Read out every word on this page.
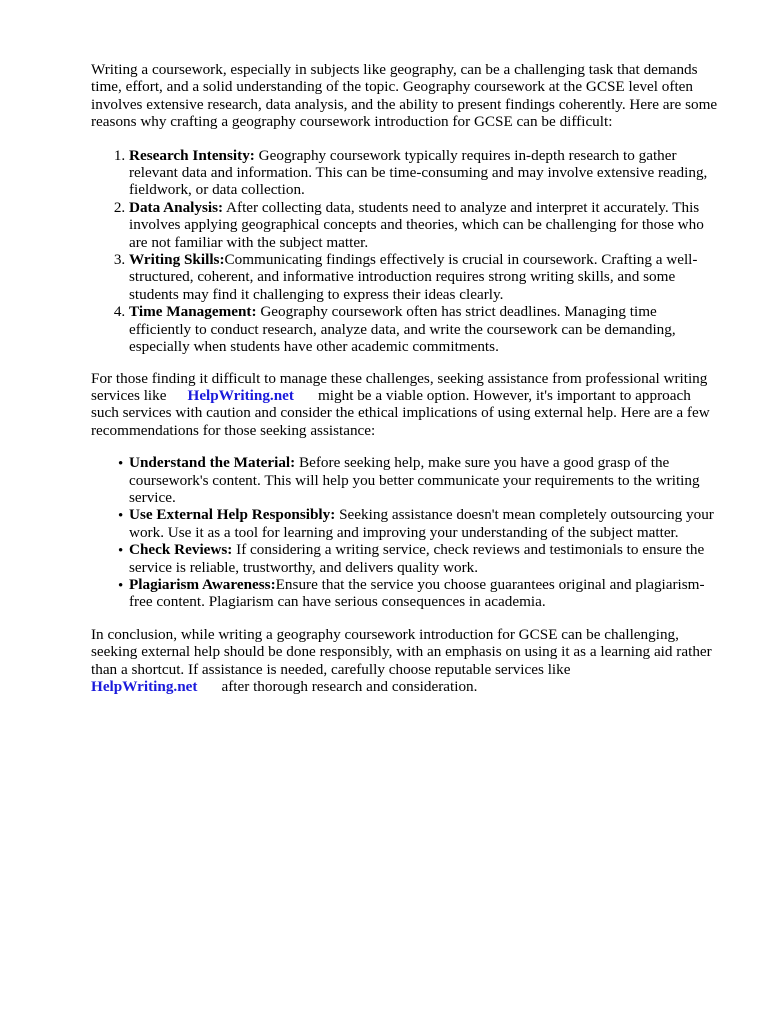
Writing a coursework, especially in subjects like geography, can be a challenging task that demands time, effort, and a solid understanding of the topic. Geography coursework at the GCSE level often involves extensive research, data analysis, and the ability to present findings coherently. Here are some reasons why crafting a geography coursework introduction for GCSE can be difficult:

1. Research Intensity: Geography coursework typically requires in-depth research to gather relevant data and information. This can be time-consuming and may involve extensive reading, fieldwork, or data collection.
2. Data Analysis: After collecting data, students need to analyze and interpret it accurately. This involves applying geographical concepts and theories, which can be challenging for those who are not familiar with the subject matter.
3. Writing Skills:Communicating findings effectively is crucial in coursework. Crafting a well-structured, coherent, and informative introduction requires strong writing skills, and some students may find it challenging to express their ideas clearly.
4. Time Management: Geography coursework often has strict deadlines. Managing time efficiently to conduct research, analyze data, and write the coursework can be demanding, especially when students have other academic commitments.

For those finding it difficult to manage these challenges, seeking assistance from professional writing services like HelpWriting.net might be a viable option. However, it's important to approach such services with caution and consider the ethical implications of using external help. Here are a few recommendations for those seeking assistance:

• Understand the Material: Before seeking help, make sure you have a good grasp of the coursework's content. This will help you better communicate your requirements to the writing service.
• Use External Help Responsibly: Seeking assistance doesn't mean completely outsourcing your work. Use it as a tool for learning and improving your understanding of the subject matter.
• Check Reviews: If considering a writing service, check reviews and testimonials to ensure the service is reliable, trustworthy, and delivers quality work.
• Plagiarism Awareness:Ensure that the service you choose guarantees original and plagiarism-free content. Plagiarism can have serious consequences in academia.

In conclusion, while writing a geography coursework introduction for GCSE can be challenging, seeking external help should be done responsibly, with an emphasis on using it as a learning aid rather than a shortcut. If assistance is needed, carefully choose reputable services like
HelpWriting.net after thorough research and consideration.
